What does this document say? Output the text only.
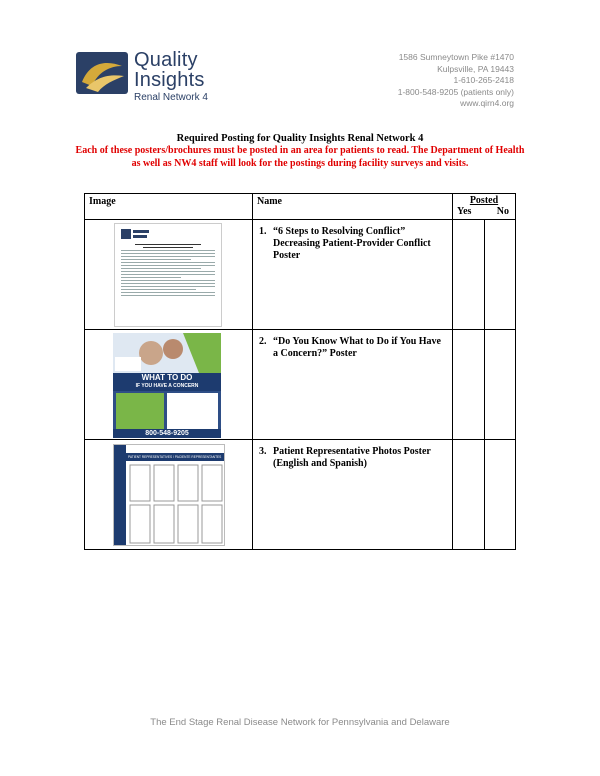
Quality
Insights
Renal Network 4
1586 Sumneytown Pike #1470
Kulpsville, PA 19443
1-610-265-2418
1-800-548-9205 (patients only)
www.qirn4.org
Required Posting for Quality Insights Renal Network 4
Each of these posters/brochures must be posted in an area for patients to read. The Department of Health as well as NW4 staff will look for the postings during facility surveys and visits.
Image	Name	Posted
Yes No	

	1. “6 Steps to Resolving Conflict” Decreasing Patient-Provider Conflict Poster		

WHAT TO DO
IF YOU HAVE A CONCERN
800-548-9205	2. “Do You Know What to Do if You Have a Concern?” Poster		

PATIENT REPRESENTATIVES / PACIENTE REPRESENTANTES	3. Patient Representative Photos Poster (English and Spanish)		
The End Stage Renal Disease Network for Pennsylvania and Delaware
